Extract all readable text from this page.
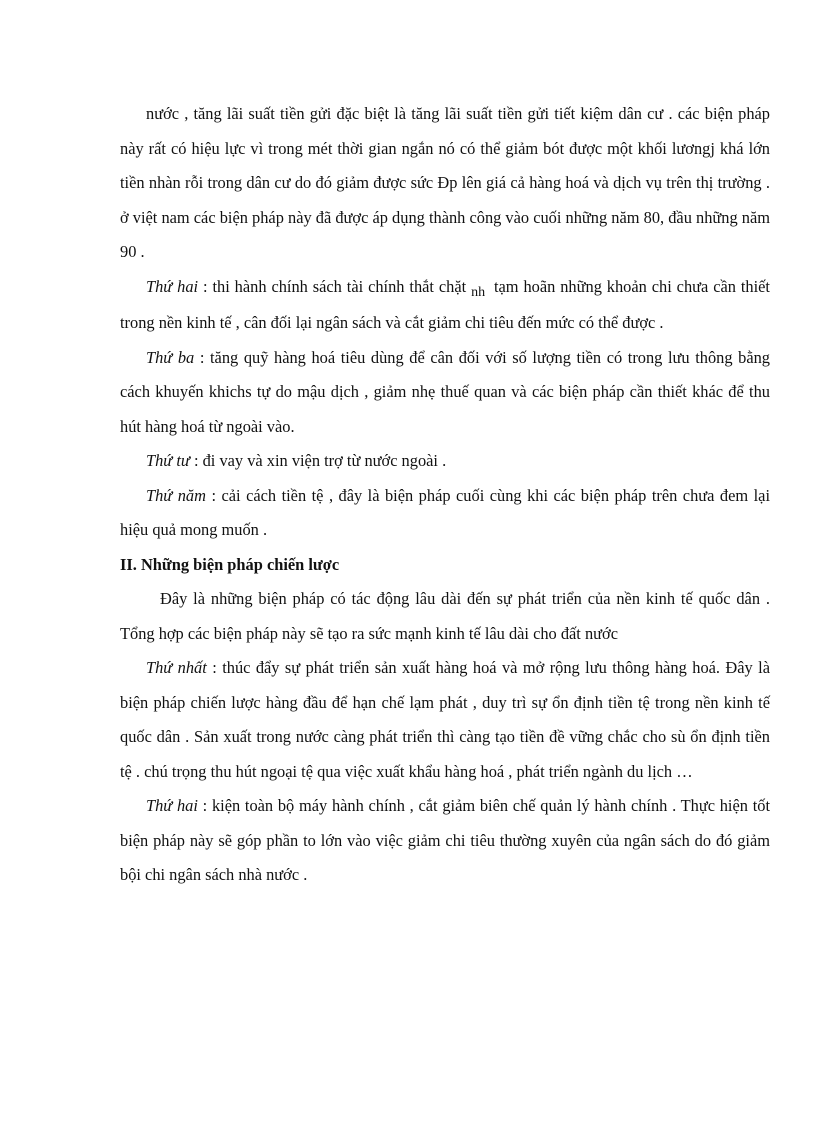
nước , tăng lãi suất tiền gửi đặc biệt là tăng lãi suất tiền gửi tiết kiệm dân cư . các biện pháp này rất có hiệu lực vì trong mét thời gian ngắn nó có thể giảm bót được một khối lươngj khá lớn tiền nhàn rỗi trong dân cư do đó giảm được sức Ðp lên giá cả hàng hoá và dịch vụ trên thị trường . ở việt nam các biện pháp này đã được áp dụng thành công vào cuối những năm 80, đầu những năm 90 .

Thứ hai : thi hành chính sách tài chính thắt chặt nh tạm hoãn những khoản chi chưa cần thiết trong nền kinh tế , cân đối lại ngân sách và cắt giảm chi tiêu đến mức có thể được .

Thứ ba : tăng quỹ hàng hoá tiêu dùng để cân đối với số lượng tiền có trong lưu thông bằng cách khuyến khichs tự do mậu dịch , giảm nhẹ thuế quan và các biện pháp cần thiết khác để thu hút hàng hoá từ ngoài vào.

Thứ tư : đi vay và xin viện trợ từ nước ngoài .

Thứ năm : cải cách tiền tệ , đây là biện pháp cuối cùng khi các biện pháp trên chưa đem lại hiệu quả mong muốn .

II. Những biện pháp chiến lược

Đây là những biện pháp có tác động lâu dài đến sự phát triển của nền kinh tế quốc dân . Tổng hợp các biện pháp này sẽ tạo ra sức mạnh kinh tế lâu dài cho đất nước

Thứ nhất : thúc đẩy sự phát triển sản xuất hàng hoá và mở rộng lưu thông hàng hoá. Đây là biện pháp chiến lược hàng đầu để hạn chế lạm phát , duy trì sự ổn định tiền tệ trong nền kinh tế quốc dân . Sản xuất trong nước càng phát triển thì càng tạo tiền đề vững chắc cho sù ổn định tiền tệ . chú trọng thu hút ngoại tệ qua việc xuất khẩu hàng hoá , phát triển ngành du lịch …

Thứ hai : kiện toàn bộ máy hành chính , cắt giảm biên chế quản lý hành chính . Thực hiện tốt biện pháp này sẽ góp phần to lớn vào việc giảm chi tiêu thường xuyên của ngân sách do đó giảm bội chi ngân sách nhà nước .
